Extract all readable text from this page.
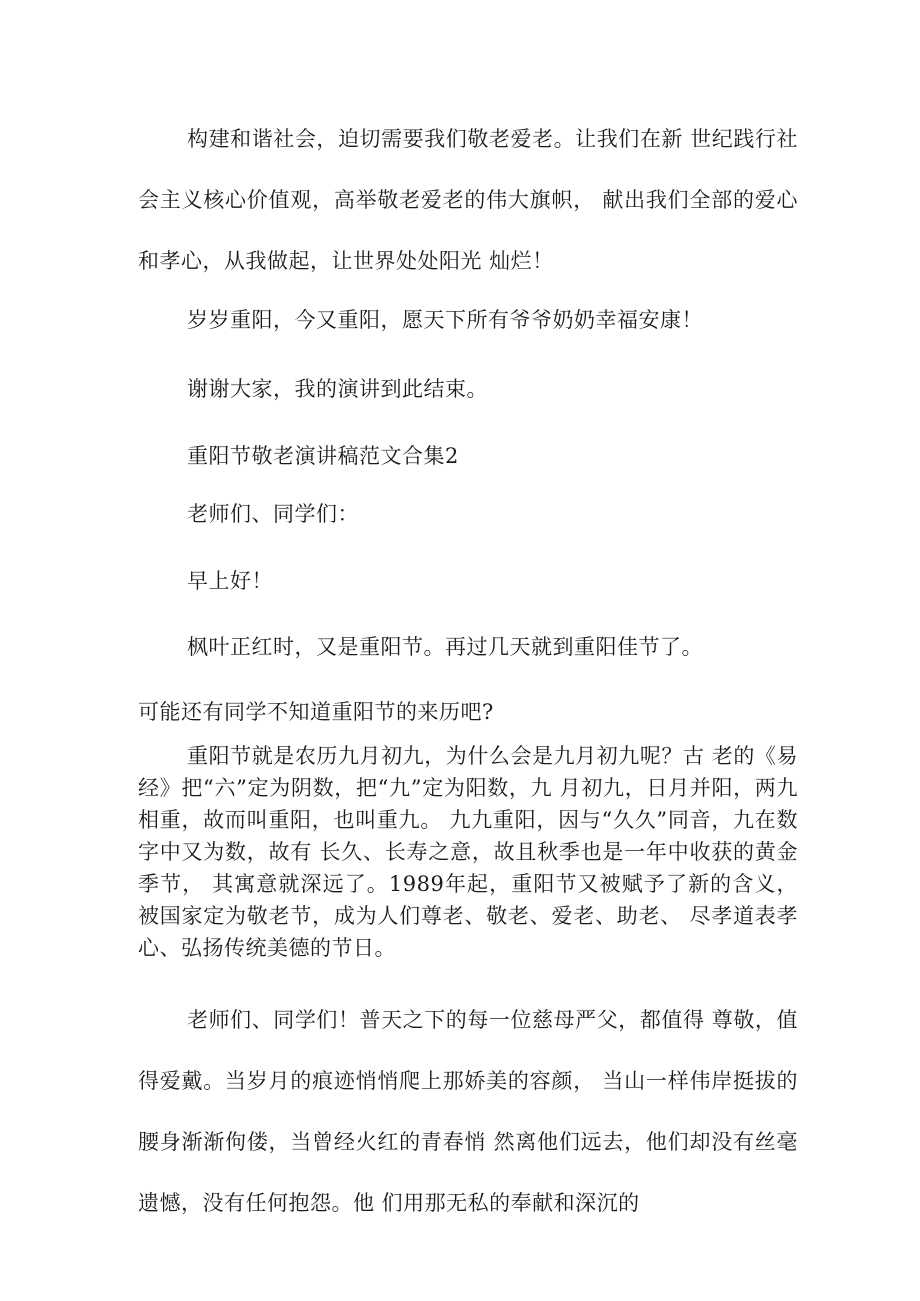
构建和谐社会，迫切需要我们敬老爱老。让我们在新 世纪践行社会主义核心价值观，高举敬老爱老的伟大旗帜， 献出我们全部的爱心和孝心，从我做起，让世界处处阳光 灿烂！

岁岁重阳，今又重阳，愿天下所有爷爷奶奶幸福安康！

谢谢大家，我的演讲到此结束。

重阳节敬老演讲稿范文合集2

老师们、同学们：

早上好！

枫叶正红时，又是重阳节。再过几天就到重阳佳节了。

可能还有同学不知道重阳节的来历吧?

重阳节就是农历九月初九，为什么会是九月初九呢？古 老的《易经》把“六”定为阴数，把“九”定为阳数，九 月初九，日月并阳，两九相重，故而叫重阳，也叫重九。 九九重阳，因与“久久”同音，九在数字中又为数，故有 长久、长寿之意，故且秋季也是一年中收获的黄金季节， 其寓意就深远了。1989年起，重阳节又被赋予了新的含义， 被国家定为敬老节，成为人们尊老、敬老、爱老、助老、 尽孝道表孝心、弘扬传统美德的节日。

老师们、同学们！普天之下的每一位慈母严父，都值得 尊敬，值得爱戴。当岁月的痕迹悄悄爬上那娇美的容颜， 当山一样伟岸挺拔的腰身渐渐佝偻，当曾经火红的青春悄 然离他们远去，他们却没有丝毫遗憾，没有任何抱怨。他 们用那无私的奉献和深沉的
